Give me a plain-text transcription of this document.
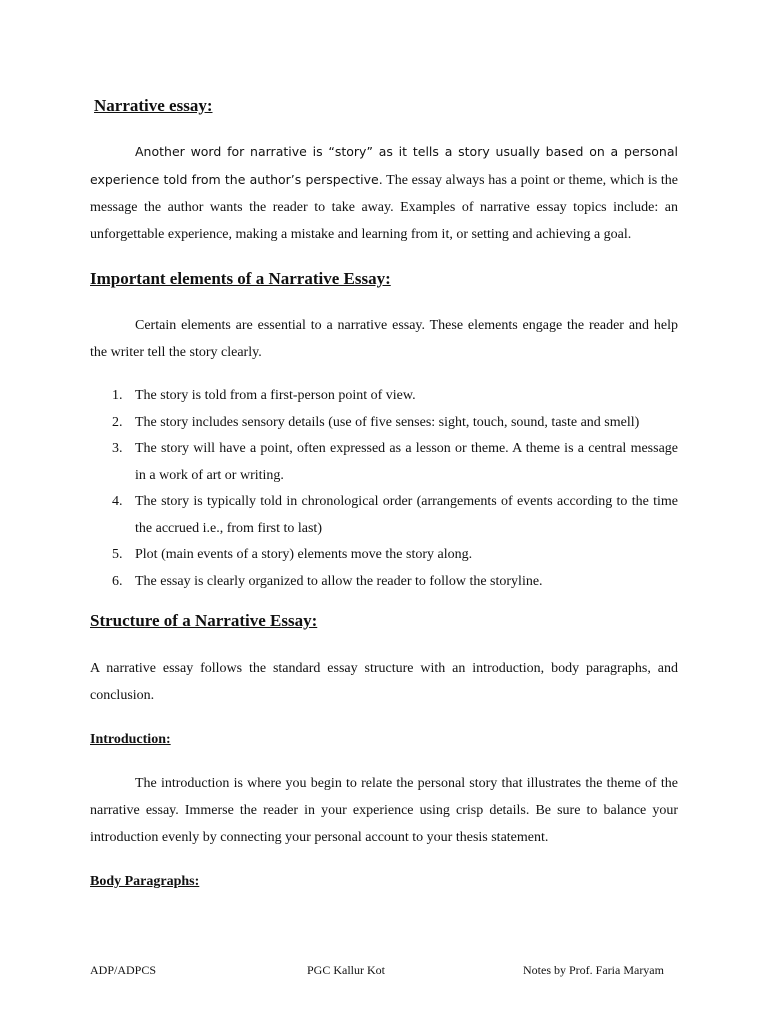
Narrative essay:

Another word for narrative is “story” as it tells a story usually based on a personal experience told from the author’s perspective. The essay always has a point or theme, which is the message the author wants the reader to take away. Examples of narrative essay topics include: an unforgettable experience, making a mistake and learning from it, or setting and achieving a goal.

Important elements of a Narrative Essay:

Certain elements are essential to a narrative essay. These elements engage the reader and help the writer tell the story clearly.

1. The story is told from a first-person point of view.
2. The story includes sensory details (use of five senses: sight, touch, sound, taste and smell)
3. The story will have a point, often expressed as a lesson or theme. A theme is a central message in a work of art or writing.
4. The story is typically told in chronological order (arrangements of events according to the time the accrued i.e., from first to last)
5. Plot (main events of a story) elements move the story along.
6. The essay is clearly organized to allow the reader to follow the storyline.
Structure of a Narrative Essay:

A narrative essay follows the standard essay structure with an introduction, body paragraphs, and conclusion.

Introduction:

The introduction is where you begin to relate the personal story that illustrates the theme of the narrative essay. Immerse the reader in your experience using crisp details. Be sure to balance your introduction evenly by connecting your personal account to your thesis statement.

Body Paragraphs:
ADP/ADPCS	PGC Kallur Kot	Notes by Prof. Faria Maryam
